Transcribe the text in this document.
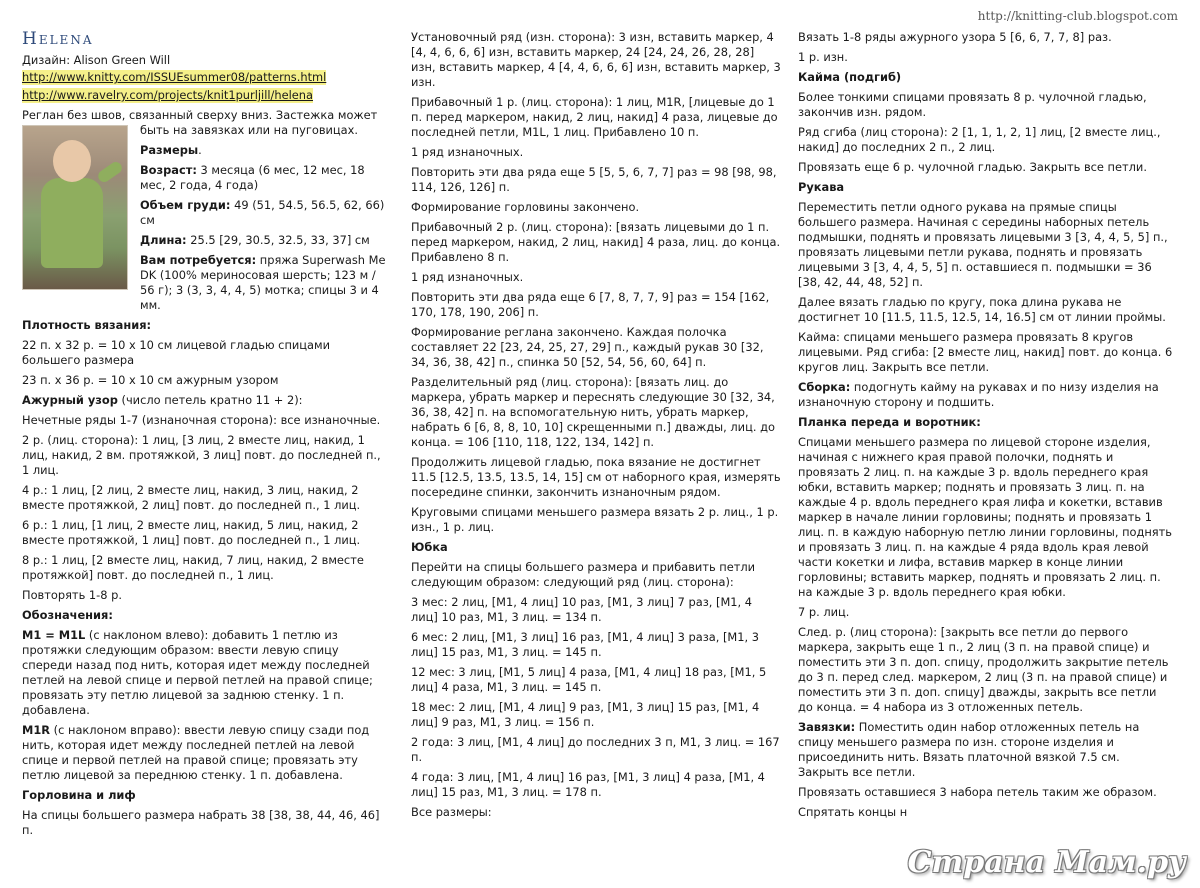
http://knitting-club.blogspot.com
Helena

Дизайн: Alison Green Will

http://www.knitty.com/ISSUEsummer08/patterns.html
http://www.ravelry.com/projects/knit1purljill/helena

Реглан без швов, связанный сверху вниз. Застежка может

быть на завязках или на пуговицах.

Размеры.

Возраст: 3 месяца (6 мес, 12 мес, 18 мес, 2 года, 4 года)

Объем груди: 49 (51, 54.5, 56.5, 62, 66) см

Длина: 25.5 [29, 30.5, 32.5, 33, 37] см

Вам потребуется: пряжа Superwash Me DK (100% мериносовая шерсть; 123 м / 56 г); 3 (3, 3, 4, 4, 5) мотка; спицы 3 и 4 мм.

Плотность вязания:

22 п. х 32 р. = 10 х 10 см лицевой гладью спицами большего размера

23 п. х 36 р. = 10 х 10 см ажурным узором

Ажурный узор (число петель кратно 11 + 2):

Нечетные ряды 1-7 (изнаночная сторона): все изнаночные.

2 р. (лиц. сторона): 1 лиц, [3 лиц, 2 вместе лиц, накид, 1 лиц, накид, 2 вм. протяжкой, 3 лиц] повт. до последней п., 1 лиц.

4 р.: 1 лиц, [2 лиц, 2 вместе лиц, накид, 3 лиц, накид, 2 вместе протяжкой, 2 лиц] повт. до последней п., 1 лиц.

6 р.: 1 лиц, [1 лиц, 2 вместе лиц, накид, 5 лиц, накид, 2 вместе протяжкой, 1 лиц] повт. до последней п., 1 лиц.

8 р.: 1 лиц, [2 вместе лиц, накид, 7 лиц, накид, 2 вместе протяжкой] повт. до последней п., 1 лиц.

Повторять 1-8 р.

Обозначения:

M1 = M1L (с наклоном влево): добавить 1 петлю из протяжки следующим образом: ввести левую спицу спереди назад под нить, которая идет между последней петлей на левой спице и первой петлей на правой спице; провязать эту петлю лицевой за заднюю стенку. 1 п. добавлена.

M1R (с наклоном вправо): ввести левую спицу сзади под нить, которая идет между последней петлей на левой спице и первой петлей на правой спице; провязать эту петлю лицевой за переднюю стенку. 1 п. добавлена.

Горловина и лиф

На спицы большего размера набрать 38 [38, 38, 44, 46, 46] п.

Установочный ряд (изн. сторона): 3 изн, вставить маркер, 4 [4, 4, 6, 6, 6] изн, вставить маркер, 24 [24, 24, 26, 28, 28] изн, вставить маркер, 4 [4, 4, 6, 6, 6] изн, вставить маркер, 3 изн.

Прибавочный 1 р. (лиц. сторона): 1 лиц, M1R, [лицевые до 1 п. перед маркером, накид, 2 лиц, накид] 4 раза, лицевые до последней петли, M1L, 1 лиц. Прибавлено 10 п.

1 ряд изнаночных.

Повторить эти два ряда еще 5 [5, 5, 6, 7, 7] раз = 98 [98, 98, 114, 126, 126] п.

Формирование горловины закончено.

Прибавочный 2 р. (лиц. сторона): [вязать лицевыми до 1 п. перед маркером, накид, 2 лиц, накид] 4 раза, лиц. до конца. Прибавлено 8 п.

1 ряд изнаночных.

Повторить эти два ряда еще 6 [7, 8, 7, 7, 9] раз = 154 [162, 170, 178, 190, 206] п.

Формирование реглана закончено. Каждая полочка составляет 22 [23, 24, 25, 27, 29] п., каждый рукав 30 [32, 34, 36, 38, 42] п., спинка 50 [52, 54, 56, 60, 64] п.

Разделительный ряд (лиц. сторона): [вязать лиц. до маркера, убрать маркер и переснять следующие 30 [32, 34, 36, 38, 42] п. на вспомогательную нить, убрать маркер, набрать 6 [6, 8, 8, 10, 10] скрещенными п.] дважды, лиц. до конца. = 106 [110, 118, 122, 134, 142] п.

Продолжить лицевой гладью, пока вязание не достигнет 11.5 [12.5, 13.5, 13.5, 14, 15] см от наборного края, измерять посередине спинки, закончить изнаночным рядом.

Круговыми спицами меньшего размера вязать 2 р. лиц., 1 р. изн., 1 р. лиц.

Юбка

Перейти на спицы большего размера и прибавить петли следующим образом: следующий ряд (лиц. сторона):

3 мес: 2 лиц, [M1, 4 лиц] 10 раз, [M1, 3 лиц] 7 раз, [M1, 4 лиц] 10 раз, M1, 3 лиц. = 134 п.

6 мес: 2 лиц, [M1, 3 лиц] 16 раз, [M1, 4 лиц] 3 раза, [M1, 3 лиц] 15 раз, M1, 3 лиц. = 145 п.

12 мес: 3 лиц, [M1, 5 лиц] 4 раза, [M1, 4 лиц] 18 раз, [M1, 5 лиц] 4 раза, M1, 3 лиц. = 145 п.

18 мес: 2 лиц, [M1, 4 лиц] 9 раз, [M1, 3 лиц] 15 раз, [M1, 4 лиц] 9 раз, M1, 3 лиц. = 156 п.

2 года: 3 лиц, [M1, 4 лиц] до последних 3 п, M1, 3 лиц. = 167 п.

4 года: 3 лиц, [M1, 4 лиц] 16 раз, [M1, 3 лиц] 4 раза, [M1, 4 лиц] 15 раз, M1, 3 лиц. = 178 п.

Все размеры:

Вязать 1-8 ряды ажурного узора 5 [6, 6, 7, 7, 8] раз.

1 р. изн.

Кайма (подгиб)

Более тонкими спицами провязать 8 р. чулочной гладью, закончив изн. рядом.

Ряд сгиба (лиц сторона): 2 [1, 1, 1, 2, 1] лиц, [2 вместе лиц., накид] до последних 2 п., 2 лиц.

Провязать еще 6 р. чулочной гладью. Закрыть все петли.

Рукава

Переместить петли одного рукава на прямые спицы большего размера. Начиная с середины наборных петель подмышки, поднять и провязать лицевыми 3 [3, 4, 4, 5, 5] п., провязать лицевыми петли рукава, поднять и провязать лицевыми 3 [3, 4, 4, 5, 5] п. оставшиеся п. подмышки = 36 [38, 42, 44, 48, 52] п.

Далее вязать гладью по кругу, пока длина рукава не достигнет 10 [11.5, 11.5, 12.5, 14, 16.5] см от линии проймы.

Кайма: спицами меньшего размера провязать 8 кругов лицевыми. Ряд сгиба: [2 вместе лиц, накид] повт. до конца. 6 кругов лиц. Закрыть все петли.

Сборка: подогнуть кайму на рукавах и по низу изделия на изнаночную сторону и подшить.

Планка переда и воротник:

Спицами меньшего размера по лицевой стороне изделия, начиная с нижнего края правой полочки, поднять и провязать 2 лиц. п. на каждые 3 р. вдоль переднего края юбки, вставить маркер; поднять и провязать 3 лиц. п. на каждые 4 р. вдоль переднего края лифа и кокетки, вставив маркер в начале линии горловины; поднять и провязать 1 лиц. п. в каждую наборную петлю линии горловины, поднять и провязать 3 лиц. п. на каждые 4 ряда вдоль края левой части кокетки и лифа, вставив маркер в конце линии горловины; вставить маркер, поднять и провязать 2 лиц. п. на каждые 3 р. вдоль переднего края юбки.

7 р. лиц.

След. р. (лиц сторона): [закрыть все петли до первого маркера, закрыть еще 1 п., 2 лиц (3 п. на правой спице) и поместить эти 3 п. доп. спицу, продолжить закрытие петель до 3 п. перед след. маркером, 2 лиц (3 п. на правой спице) и поместить эти 3 п. доп. спицу] дважды, закрыть все петли до конца. = 4 набора из 3 отложенных петель.

Завязки: Поместить один набор отложенных петель на спицу меньшего размера по изн. стороне изделия и присоединить нить. Вязать платочной вязкой 7.5 см. Закрыть все петли.

Провязать оставшиеся 3 набора петель таким же образом.

Спрятать концы н

Страна Мам.ру
